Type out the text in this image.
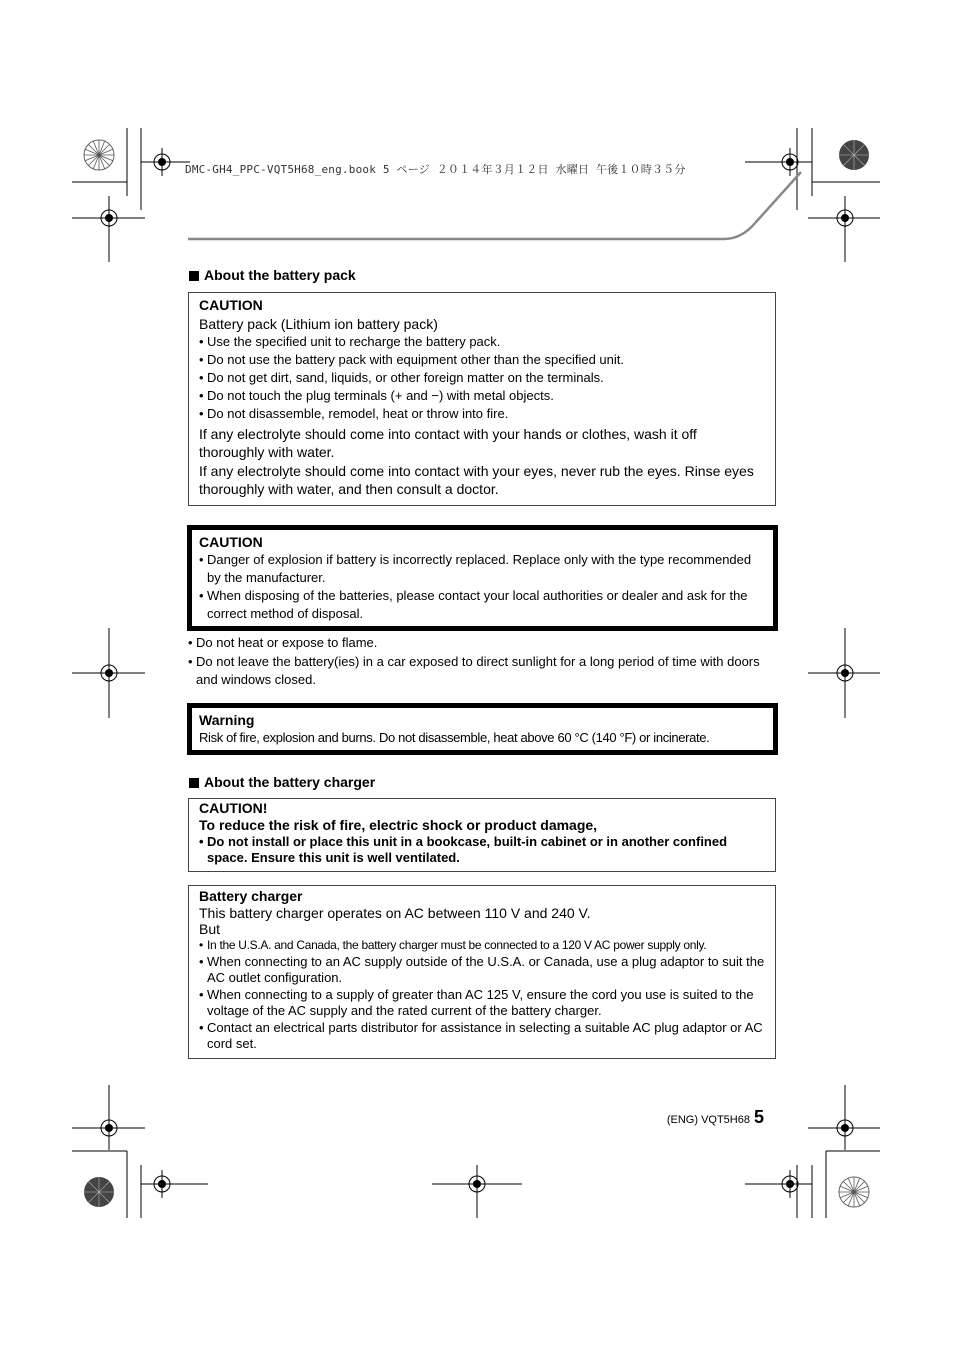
DMC-GH4_PPC-VQT5H68_eng.book 5 ページ ２０１４年３月１２日 水曜日 午後１０時３５分
About the battery pack
CAUTION
Battery pack (Lithium ion battery pack)
• Use the specified unit to recharge the battery pack.
• Do not use the battery pack with equipment other than the specified unit.
• Do not get dirt, sand, liquids, or other foreign matter on the terminals.
• Do not touch the plug terminals (+ and −) with metal objects.
• Do not disassemble, remodel, heat or throw into fire.
If any electrolyte should come into contact with your hands or clothes, wash it off thoroughly with water.
If any electrolyte should come into contact with your eyes, never rub the eyes. Rinse eyes thoroughly with water, and then consult a doctor.
CAUTION
• Danger of explosion if battery is incorrectly replaced. Replace only with the type recommended by the manufacturer.
• When disposing of the batteries, please contact your local authorities or dealer and ask for the correct method of disposal.
• Do not heat or expose to flame.
• Do not leave the battery(ies) in a car exposed to direct sunlight for a long period of time with doors and windows closed.
Warning
Risk of fire, explosion and burns. Do not disassemble, heat above 60 °C (140 °F) or incinerate.
About the battery charger
CAUTION!
To reduce the risk of fire, electric shock or product damage,
• Do not install or place this unit in a bookcase, built-in cabinet or in another confined space. Ensure this unit is well ventilated.
Battery charger
This battery charger operates on AC between 110 V and 240 V.
But
• In the U.S.A. and Canada, the battery charger must be connected to a 120 V AC power supply only.
• When connecting to an AC supply outside of the U.S.A. or Canada, use a plug adaptor to suit the AC outlet configuration.
• When connecting to a supply of greater than AC 125 V, ensure the cord you use is suited to the voltage of the AC supply and the rated current of the battery charger.
• Contact an electrical parts distributor for assistance in selecting a suitable AC plug adaptor or AC cord set.
(ENG) VQT5H68 5
